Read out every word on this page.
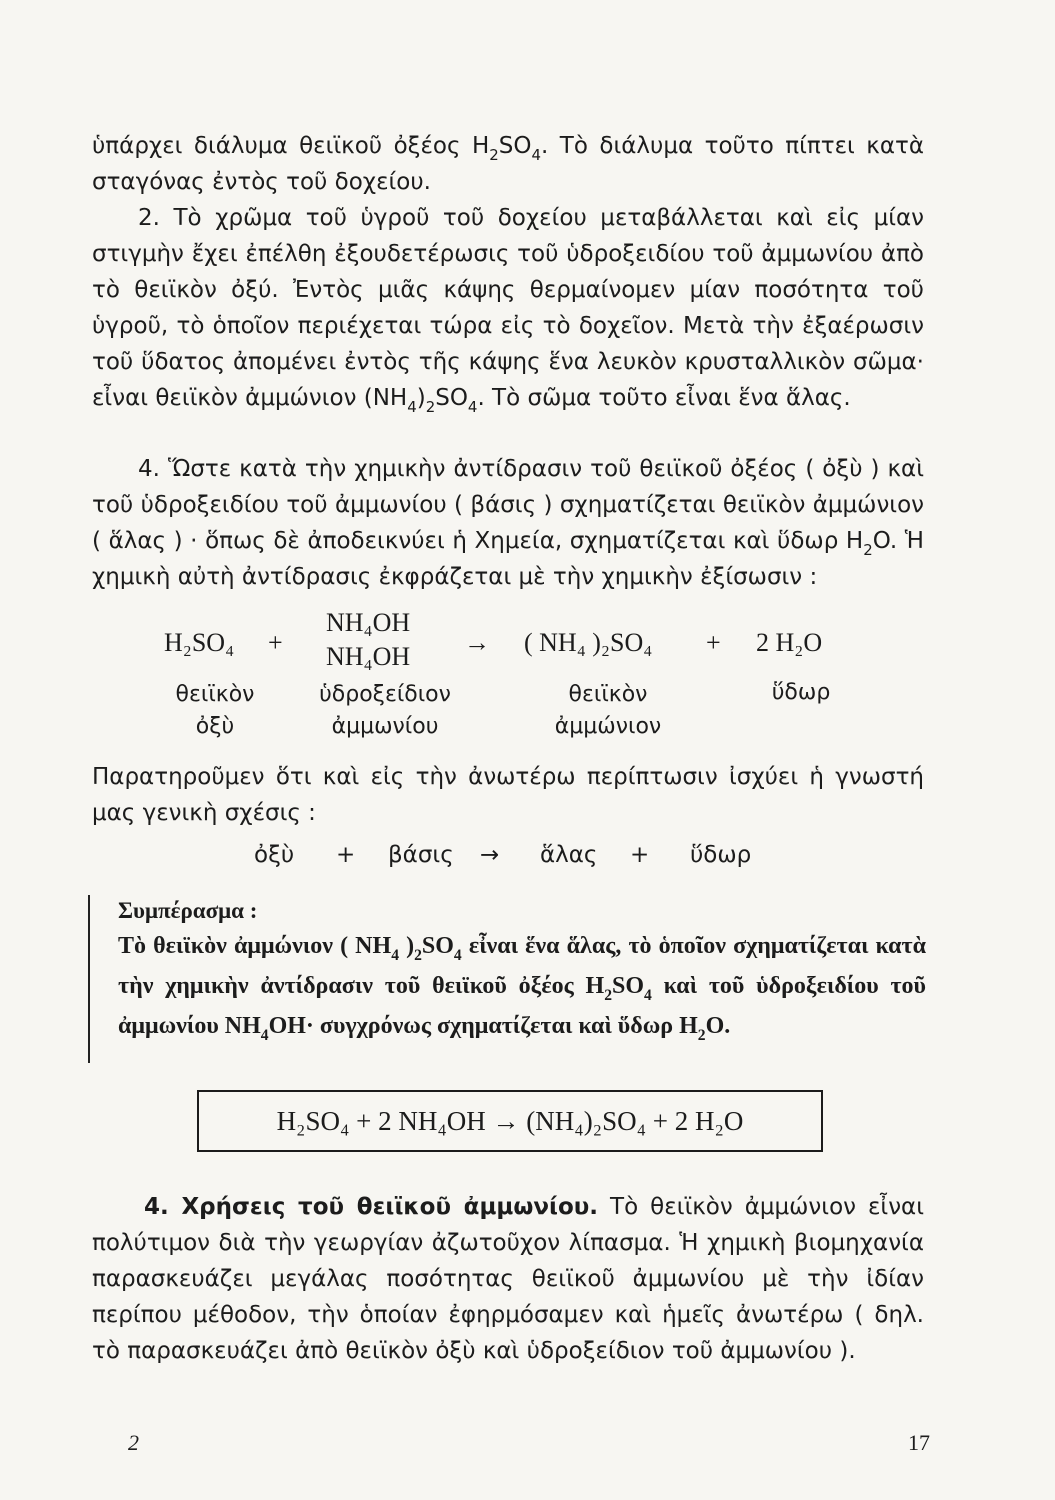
ὑπάρχει διάλυμα θειϊκοῦ ὀξέος $H_2SO_4$. Τὸ διάλυμα τοῦτο πίπτει κατὰ σταγόνας ἐντὸς τοῦ δοχείου.

2. Τὸ χρῶμα τοῦ ὑγροῦ τοῦ δοχείου μεταβάλλεται καὶ εἰς μίαν στιγμὴν ἔχει ἐπέλθη ἐξουδετέρωσις τοῦ ὑδροξειδίου τοῦ ἀμμωνίου ἀπὸ τὸ θειϊκὸν ὀξύ. Ἐντὸς μιᾶς κάψης θερμαίνομεν μίαν ποσότητα τοῦ ὑγροῦ, τὸ ὁποῖον περιέχεται τώρα εἰς τὸ δοχεῖον. Μετὰ τὴν ἐξαέρωσιν τοῦ ὕδατος ἀπομένει ἐντὸς τῆς κάψης ἕνα λευκὸν κρυσταλλικὸν σῶμα· εἶναι θειϊκὸν ἀμμώνιον $(NH_4)_2SO_4$. Τὸ σῶμα τοῦτο εἶναι ἕνα ἅλας.

4. Ὥστε κατὰ τὴν χημικὴν ἀντίδρασιν τοῦ θειϊκοῦ ὀξέος ( ὀξὺ ) καὶ τοῦ ὑδροξειδίου τοῦ ἀμμωνίου ( βάσις ) σχηματίζεται θειϊκὸν ἀμμώνιον ( ἅλας ) · ὅπως δὲ ἀποδεικνύει ἡ Χημεία, σχηματίζεται καὶ ὕδωρ $H_2O$. Ἡ χημικὴ αὐτὴ ἀντίδρασις ἐκφράζεται μὲ τὴν χημικὴν ἐξίσωσιν :

H₂SO₄ +
NH₄OH
NH₄OH → ( NH₄ )₂SO₄ + 2 H₂O
θειϊκὸν
ὀξὺ
ὑδροξείδιον
ἀμμωνίου
θειϊκὸν
ἀμμώνιον
ὕδωρ

Παρατηροῦμεν ὅτι καὶ εἰς τὴν ἀνωτέρω περίπτωσιν ἰσχύει ἡ γνωστή μας γενικὴ σχέσις :

ὀξὺ + βάσις → ἅλας + ὕδωρ

Συμπέρασμα :

Τὸ θειϊκὸν ἀμμώνιον ( $NH_4$ )$_2SO_4$ εἶναι ἕνα ἅλας, τὸ ὁποῖον σχηματίζεται κατὰ τὴν χημικὴν ἀντίδρασιν τοῦ θειϊκοῦ ὀξέος $H_2SO_4$ καὶ τοῦ ὑδροξειδίου τοῦ ἀμμωνίου $NH_4OH\cdot \sigma\upsilon\gamma\chi\rho ό\nu\omega\varsigma$ σχηματίζεται καὶ ὕδωρ $H_2O$.

H₂SO₄ + 2 NH₄OH → (NH₄)₂SO₄ + 2 H₂O

4. Χρήσεις τοῦ θειϊκοῦ ἀμμωνίου. Τὸ θειϊκὸν ἀμμώνιον εἶναι πολύτιμον διὰ τὴν γεωργίαν ἀζωτοῦχον λίπασμα. Ἡ χημικὴ βιομηχανία παρασκευάζει μεγάλας ποσότητας θειϊκοῦ ἀμμωνίου μὲ τὴν ἰδίαν περίπου μέθοδον, τὴν ὁποίαν ἐφηρμόσαμεν καὶ ἡμεῖς ἀνωτέρω ( δηλ. τὸ παρασκευάζει ἀπὸ θειϊκὸν ὀξὺ καὶ ὑδροξείδιον τοῦ ἀμμωνίου ).

2	17
